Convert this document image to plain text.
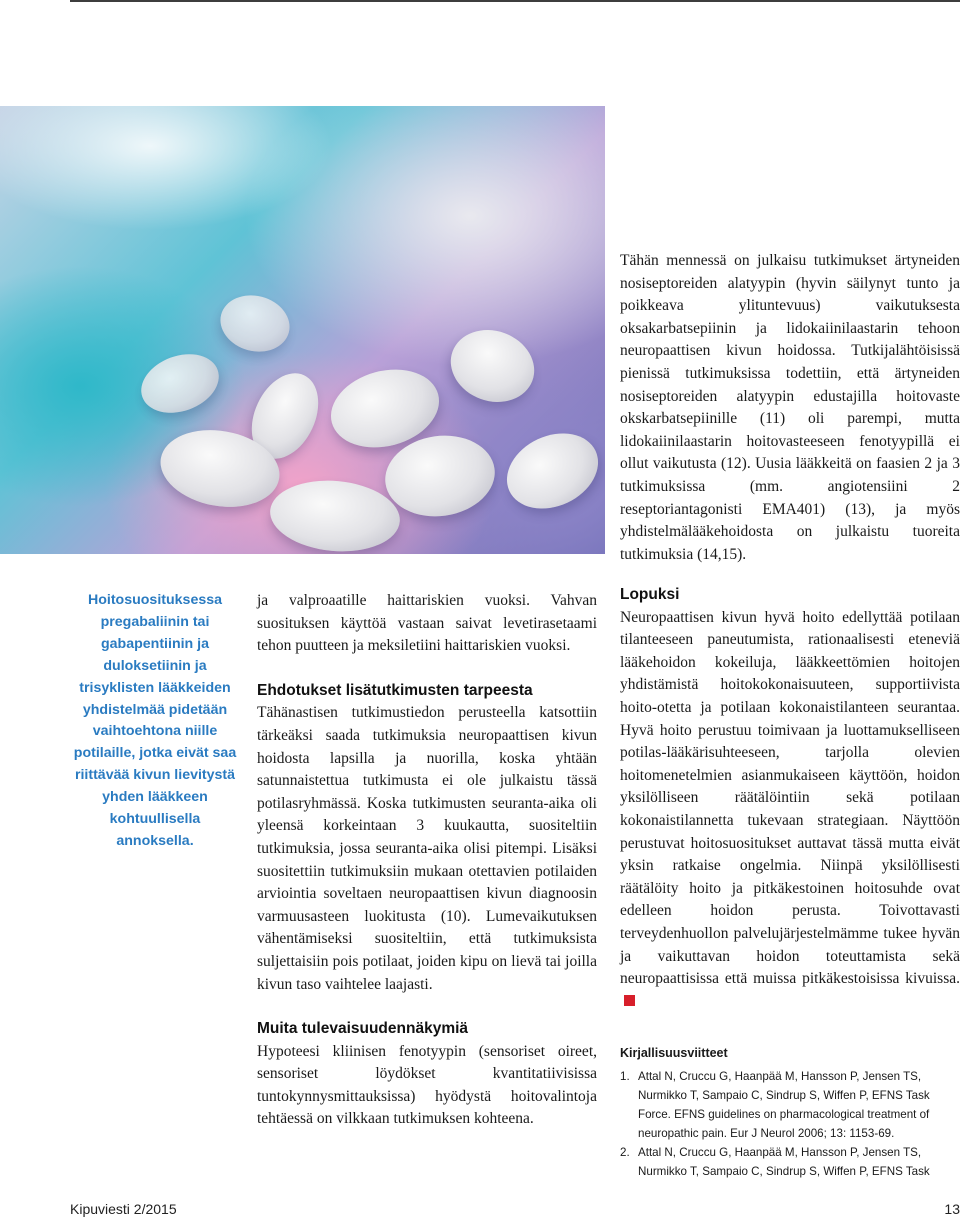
Tähän mennessä on julkaisu tutkimukset ärtyneiden nosiseptoreiden alatyypin (hyvin säilynyt tunto ja poikkeava ylituntevuus) vaikutuksesta oksakarbatsepiinin ja lidokaiinilaastarin tehoon neuropaattisen kivun hoidossa. Tutkijalähtöisissä pienissä tutkimuksissa todettiin, että ärtyneiden nosiseptoreiden alatyypin edustajilla hoitovaste okskarbatsepiinille (11) oli parempi, mutta lidokaiinilaastarin hoitovasteeseen fenotyypillä ei ollut vaikutusta (12). Uusia lääkkeitä on faasien 2 ja 3 tutkimuksissa (mm. angiotensiini 2 reseptoriantagonisti EMA401) (13), ja myös yhdistelmälääkehoidosta on julkaistu tuoreita tutkimuksia (14,15).

Hoitosuosituksessa pregabaliinin tai gabapentiinin ja duloksetiinin ja trisyklisten lääkkeiden yhdistelmää pidetään vaihtoehtona niille potilaille, jotka eivät saa riittävää kivun lievitystä yhden lääkkeen kohtuullisella annoksella.

ja valproaatille haittariskien vuoksi. Vahvan suosituksen käyttöä vastaan saivat levetirasetaami tehon puutteen ja meksiletiini haittariskien vuoksi.

Ehdotukset lisätutkimusten tarpeesta

Tähänastisen tutkimustiedon perusteella katsottiin tärkeäksi saada tutkimuksia neuropaattisen kivun hoidosta lapsilla ja nuorilla, koska yhtään satunnaistettua tutkimusta ei ole julkaistu tässä potilasryhmässä. Koska tutkimusten seuranta-aika oli yleensä korkeintaan 3 kuukautta, suositeltiin tutkimuksia, jossa seuranta-aika olisi pitempi. Lisäksi suositettiin tutkimuksiin mukaan otettavien potilaiden arviointia soveltaen neuropaattisen kivun diagnoosin varmuusasteen luokitusta (10). Lumevaikutuksen vähentämiseksi suositeltiin, että tutkimuksista suljettaisiin pois potilaat, joiden kipu on lievä tai joilla kivun taso vaihtelee laajasti.

Muita tulevaisuudennäkymiä

Hypoteesi kliinisen fenotyypin (sensoriset oireet, sensoriset löydökset kvantitatiivisissa tuntokynnysmittauksissa) hyödystä hoitovalintoja tehtäessä on vilkkaan tutkimuksen kohteena.

Lopuksi

Neuropaattisen kivun hyvä hoito edellyttää potilaan tilanteeseen paneutumista, rationaalisesti eteneviä lääkehoidon kokeiluja, lääkkeettömien hoitojen yhdistämistä hoitokokonaisuuteen, supportiivista hoito-otetta ja potilaan kokonaistilanteen seurantaa. Hyvä hoito perustuu toimivaan ja luottamukselliseen potilas-lääkärisuhteeseen, tarjolla olevien hoitomenetelmien asianmukaiseen käyttöön, hoidon yksilölliseen räätälöintiin sekä potilaan kokonaistilannetta tukevaan strategiaan. Näyttöön perustuvat hoitosuositukset auttavat tässä mutta eivät yksin ratkaise ongelmia. Niinpä yksilöllisesti räätälöity hoito ja pitkäkestoinen hoitosuhde ovat edelleen hoidon perusta. Toivottavasti terveydenhuollon palvelujärjestelmämme tukee hyvän ja vaikuttavan hoidon toteuttamista sekä neuropaattisissa että muissa pitkäkestoisissa kivuissa.

Kirjallisuusviitteet
1. Attal N, Cruccu G, Haanpää M, Hansson P, Jensen TS, Nurmikko T, Sampaio C, Sindrup S, Wiffen P, EFNS Task Force. EFNS guidelines on pharmacological treatment of neuropathic pain. Eur J Neurol 2006; 13: 1153-69.
2. Attal N, Cruccu G, Haanpää M, Hansson P, Jensen TS, Nurmikko T, Sampaio C, Sindrup S, Wiffen P, EFNS Task
Kipuviesti 2/2015	13
